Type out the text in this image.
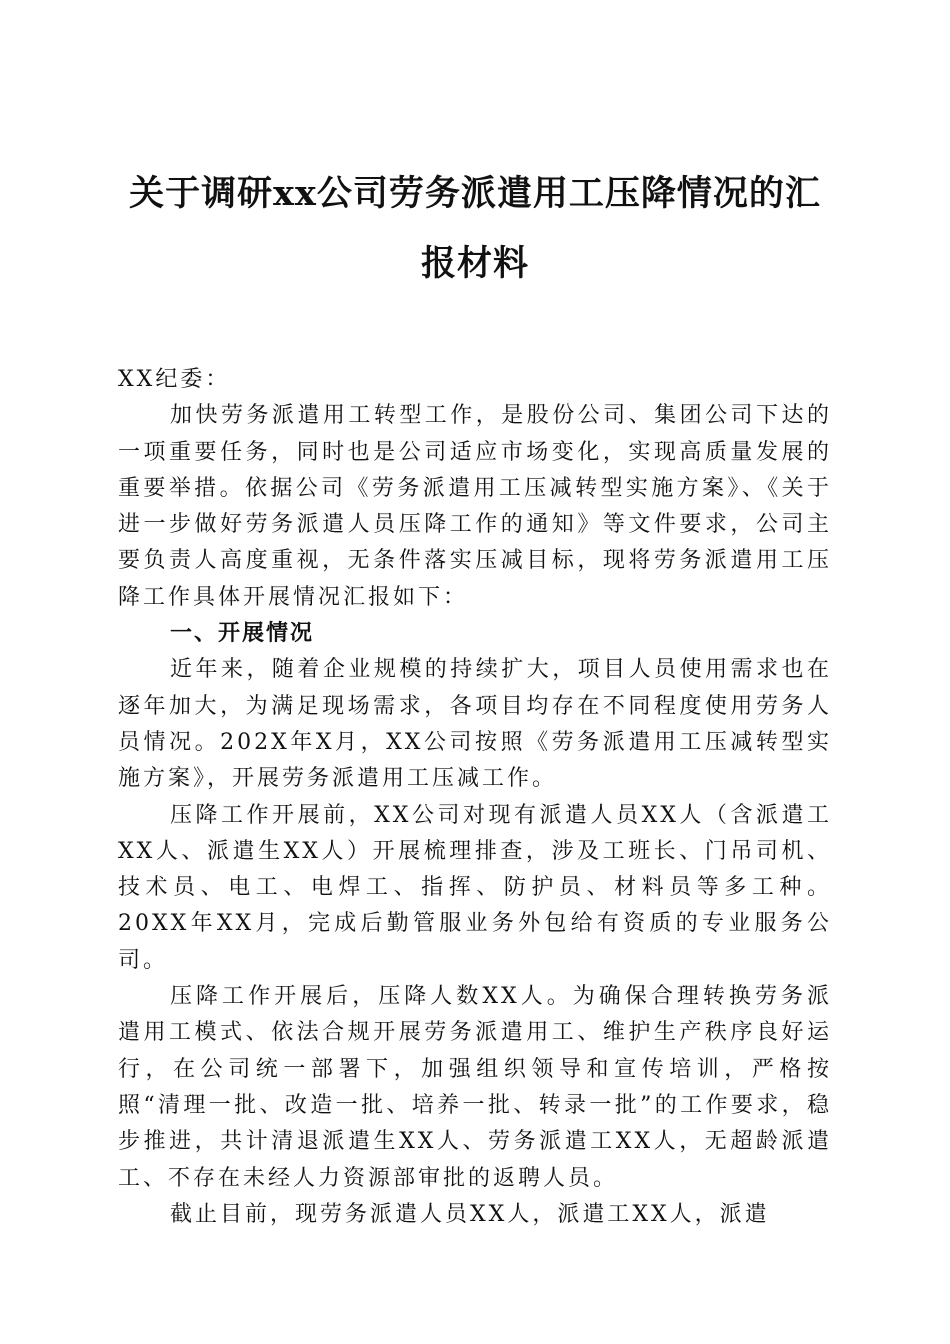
关于调研xx公司劳务派遣用工压降情况的汇
报材料

XX纪委：

加快劳务派遣用工转型工作，是股份公司、集团公司下达的一项重要任务，同时也是公司适应市场变化，实现高质量发展的重要举措。依据公司《劳务派遣用工压减转型实施方案》、《关于进一步做好劳务派遣人员压降工作的通知》等文件要求，公司主要负责人高度重视，无条件落实压减目标，现将劳务派遣用工压降工作具体开展情况汇报如下：

一、开展情况

近年来，随着企业规模的持续扩大，项目人员使用需求也在逐年加大，为满足现场需求，各项目均存在不同程度使用劳务人员情况。202X年X月，XX公司按照《劳务派遣用工压减转型实施方案》，开展劳务派遣用工压减工作。

压降工作开展前，XX公司对现有派遣人员XX人（含派遣工XX人、派遣生XX人）开展梳理排查，涉及工班长、门吊司机、技术员、电工、电焊工、指挥、防护员、材料员等多工种。20XX年XX月，完成后勤管服业务外包给有资质的专业服务公司。

压降工作开展后，压降人数XX人。为确保合理转换劳务派遣用工模式、依法合规开展劳务派遣用工、维护生产秩序良好运行，在公司统一部署下，加强组织领导和宣传培训，严格按照“清理一批、改造一批、培养一批、转录一批”的工作要求，稳步推进，共计清退派遣生XX人、劳务派遣工XX人，无超龄派遣工、不存在未经人力资源部审批的返聘人员。

截止目前，现劳务派遣人员XX人，派遣工XX人，派遣
